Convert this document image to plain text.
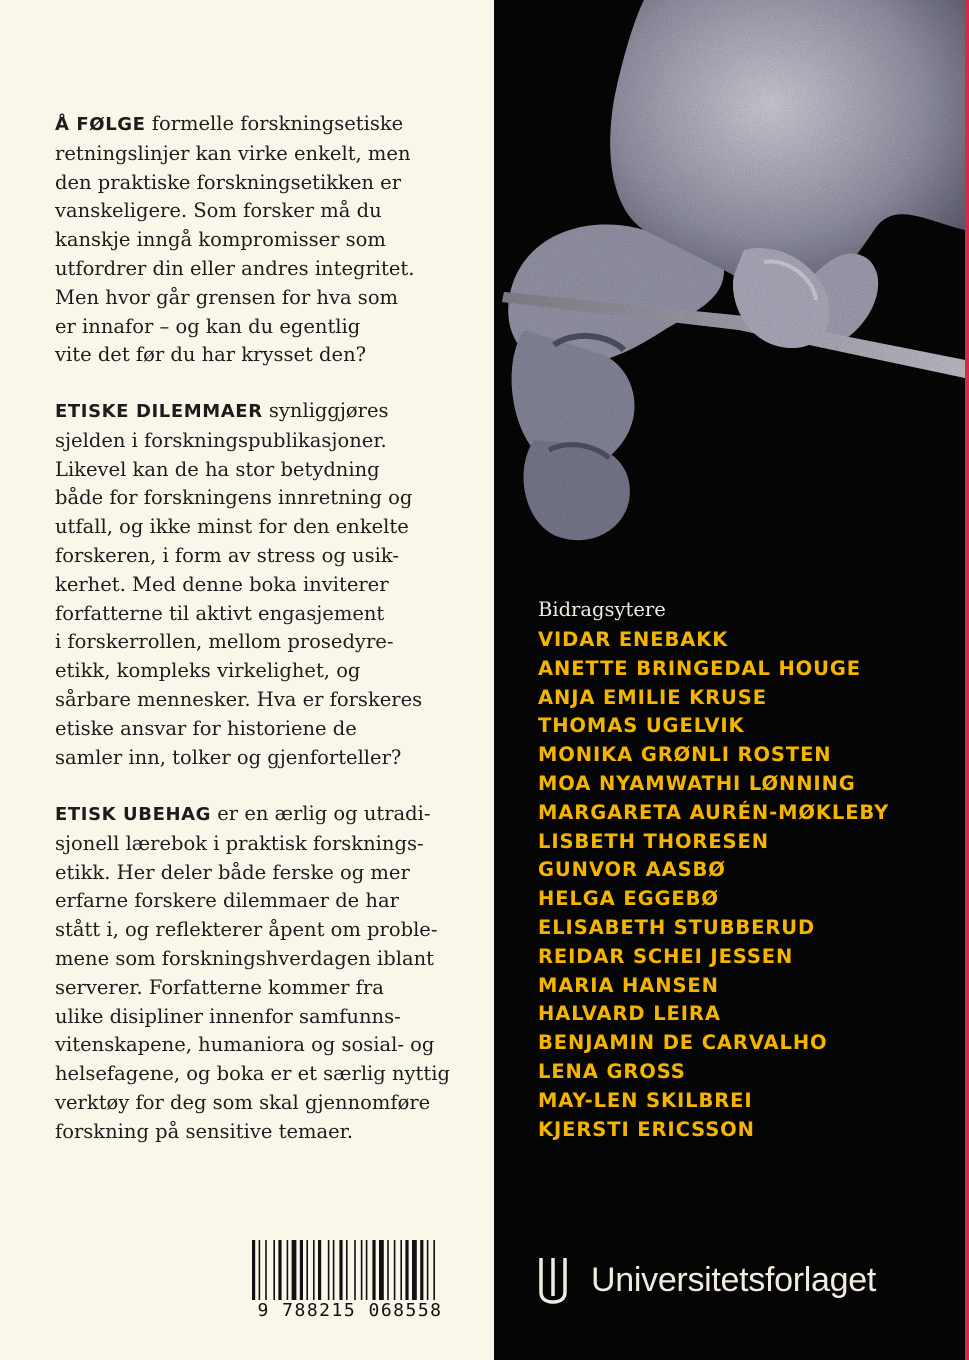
Å FØLGE formelle forskningsetiske
retningslinjer kan virke enkelt, men
den praktiske forskningsetikken er
vanskeligere. Som forsker må du
kanskje inngå kompromisser som
utfordrer din eller andres integritet.
Men hvor går grensen for hva som
er innafor – og kan du egentlig
vite det før du har krysset den?

ETISKE DILEMMAER synliggjøres
sjelden i forskningspublikasjoner.
Likevel kan de ha stor betydning
både for forskningens innretning og
utfall, og ikke minst for den enkelte
forskeren, i form av stress og usik-
kerhet. Med denne boka inviterer
forfatterne til aktivt engasjement
i forskerrollen, mellom prosedyre-
etikk, kompleks virkelighet, og
sårbare mennesker. Hva er forskeres
etiske ansvar for historiene de
samler inn, tolker og gjenforteller?

ETISK UBEHAG er en ærlig og utradi-
sjonell lærebok i praktisk forsknings-
etikk. Her deler både ferske og mer
erfarne forskere dilemmaer de har
stått i, og reflekterer åpent om proble-
mene som forskningshverdagen iblant
serverer. Forfatterne kommer fra
ulike disipliner innenfor samfunns-
vitenskapene, humaniora og sosial- og
helsefagene, og boka er et særlig nyttig
verktøy for deg som skal gjennomføre
forskning på sensitive temaer.

9 788215 068558
Bidragsytere
VIDAR ENEBAKK
ANETTE BRINGEDAL HOUGE
ANJA EMILIE KRUSE
THOMAS UGELVIK
MONIKA GRØNLI ROSTEN
MOA NYAMWATHI LØNNING
MARGARETA AURÉN-MØKLEBY
LISBETH THORESEN
GUNVOR AASBØ
HELGA EGGEBØ
ELISABETH STUBBERUD
REIDAR SCHEI JESSEN
MARIA HANSEN
HALVARD LEIRA
BENJAMIN DE CARVALHO
LENA GROSS
MAY-LEN SKILBREI
KJERSTI ERICSSON
Universitetsforlaget
